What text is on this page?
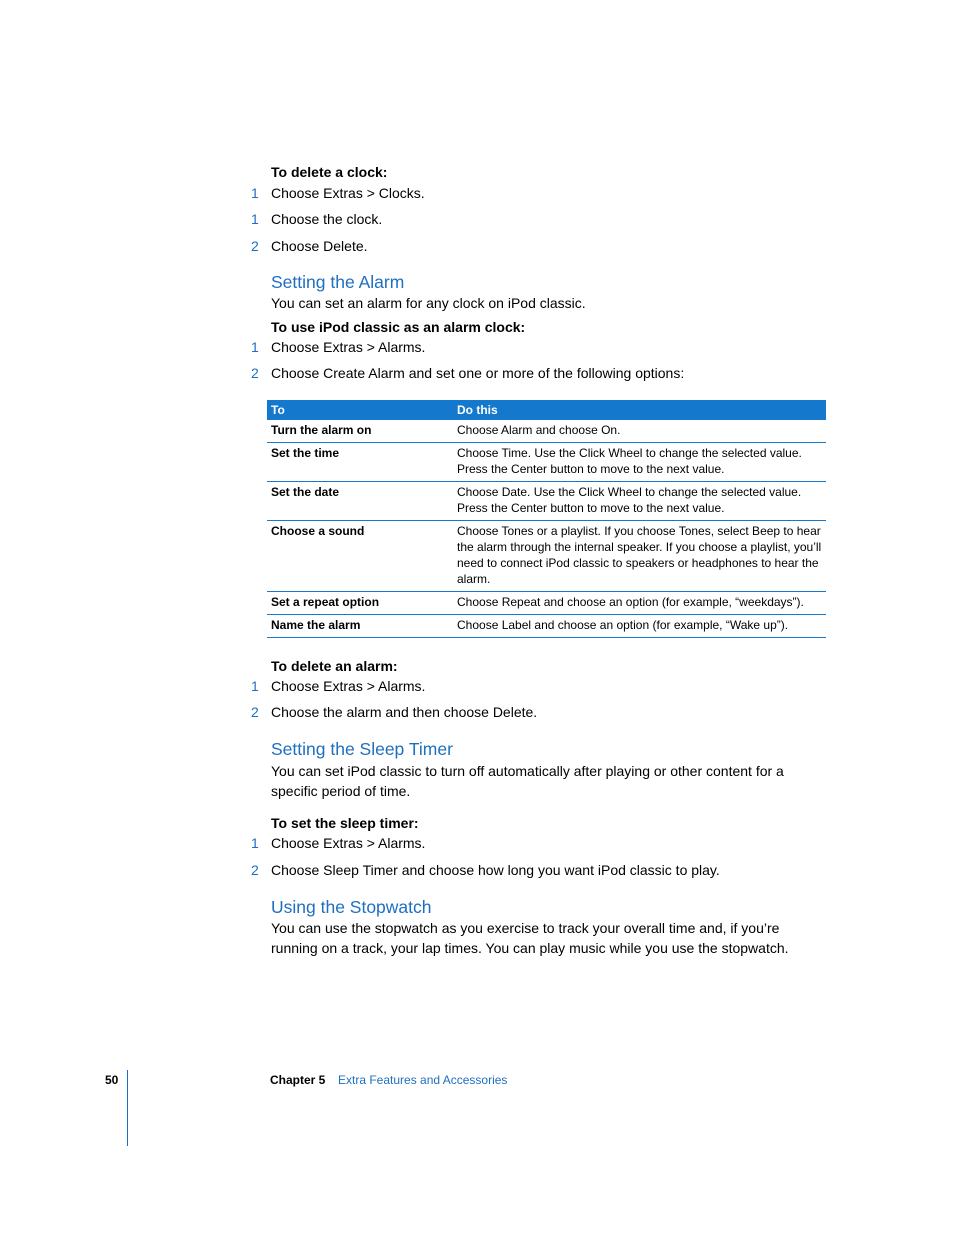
To delete a clock:
1 Choose Extras > Clocks.
1 Choose the clock.
2 Choose Delete.
Setting the Alarm
You can set an alarm for any clock on iPod classic.
To use iPod classic as an alarm clock:
1 Choose Extras > Alarms.
2 Choose Create Alarm and set one or more of the following options:
To	Do this
Turn the alarm on	Choose Alarm and choose On.
Set the time	Choose Time. Use the Click Wheel to change the selected value. Press the Center button to move to the next value.
Set the date	Choose Date. Use the Click Wheel to change the selected value. Press the Center button to move to the next value.
Choose a sound	Choose Tones or a playlist. If you choose Tones, select Beep to hear the alarm through the internal speaker. If you choose a playlist, you’ll need to connect iPod classic to speakers or headphones to hear the alarm.
Set a repeat option	Choose Repeat and choose an option (for example, “weekdays”).
Name the alarm	Choose Label and choose an option (for example, “Wake up”).
To delete an alarm:
1 Choose Extras > Alarms.
2 Choose the alarm and then choose Delete.
Setting the Sleep Timer
You can set iPod classic to turn off automatically after playing or other content for a specific period of time.
To set the sleep timer:
1 Choose Extras > Alarms.
2 Choose Sleep Timer and choose how long you want iPod classic to play.
Using the Stopwatch
You can use the stopwatch as you exercise to track your overall time and, if you’re running on a track, your lap times. You can play music while you use the stopwatch.
50	Chapter 5 Extra Features and Accessories
